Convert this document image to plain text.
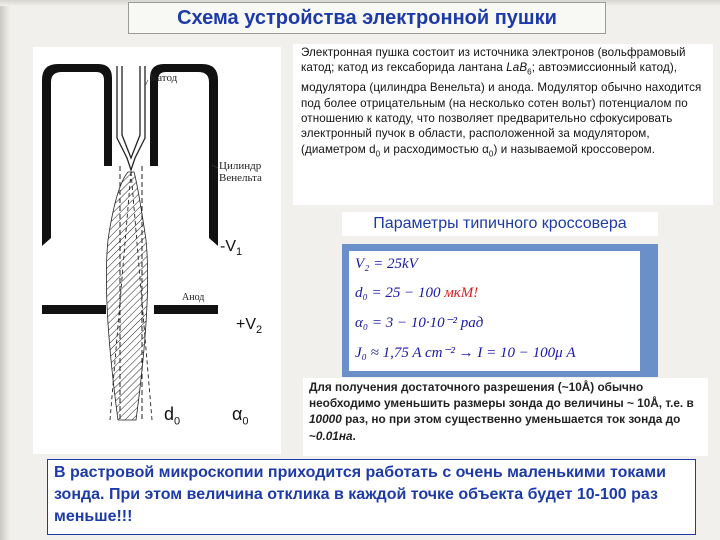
Схема устройства электронной пушки
Катод
Цилиндр
Венельта
Анод
$-V_1$
$+V_2$
$d_0$	$\alpha_0$
Электронная пушка состоит из источника электронов (вольфрамовый катод; катод из гексаборида лантана LaB$_6$; автоэмиссионный катод), модулятора (цилиндра Венельта) и анода. Модулятор обычно находится под более отрицательным (на несколько сотен вольт) потенциалом по отношению к катоду, что позволяет предварительно сфокусировать электронный пучок в области, расположенной за модулятором, (диаметром $d_0$ и расходимостью $\alpha_0$) и называемой кроссовером.
Параметры типичного кроссовера
V₂ = 25kV
d₀ = 25 − 100 мкМ!
α₀ = 3 − 10·10⁻² рад
J₀ ≈ 1,75 A cm⁻² → I = 10 − 100μ A
Для получения достаточного разрешения (~10Å) обычно необходимо уменьшить размеры зонда до величины ~ 10Å, т.е. в 10000 раз, но при этом существенно уменьшается ток зонда до ~0.01на.
В растровой микроскопии приходится работать с очень маленькими токами зонда. При этом величина отклика в каждой точке объекта будет 10-100 раз меньше!!!
